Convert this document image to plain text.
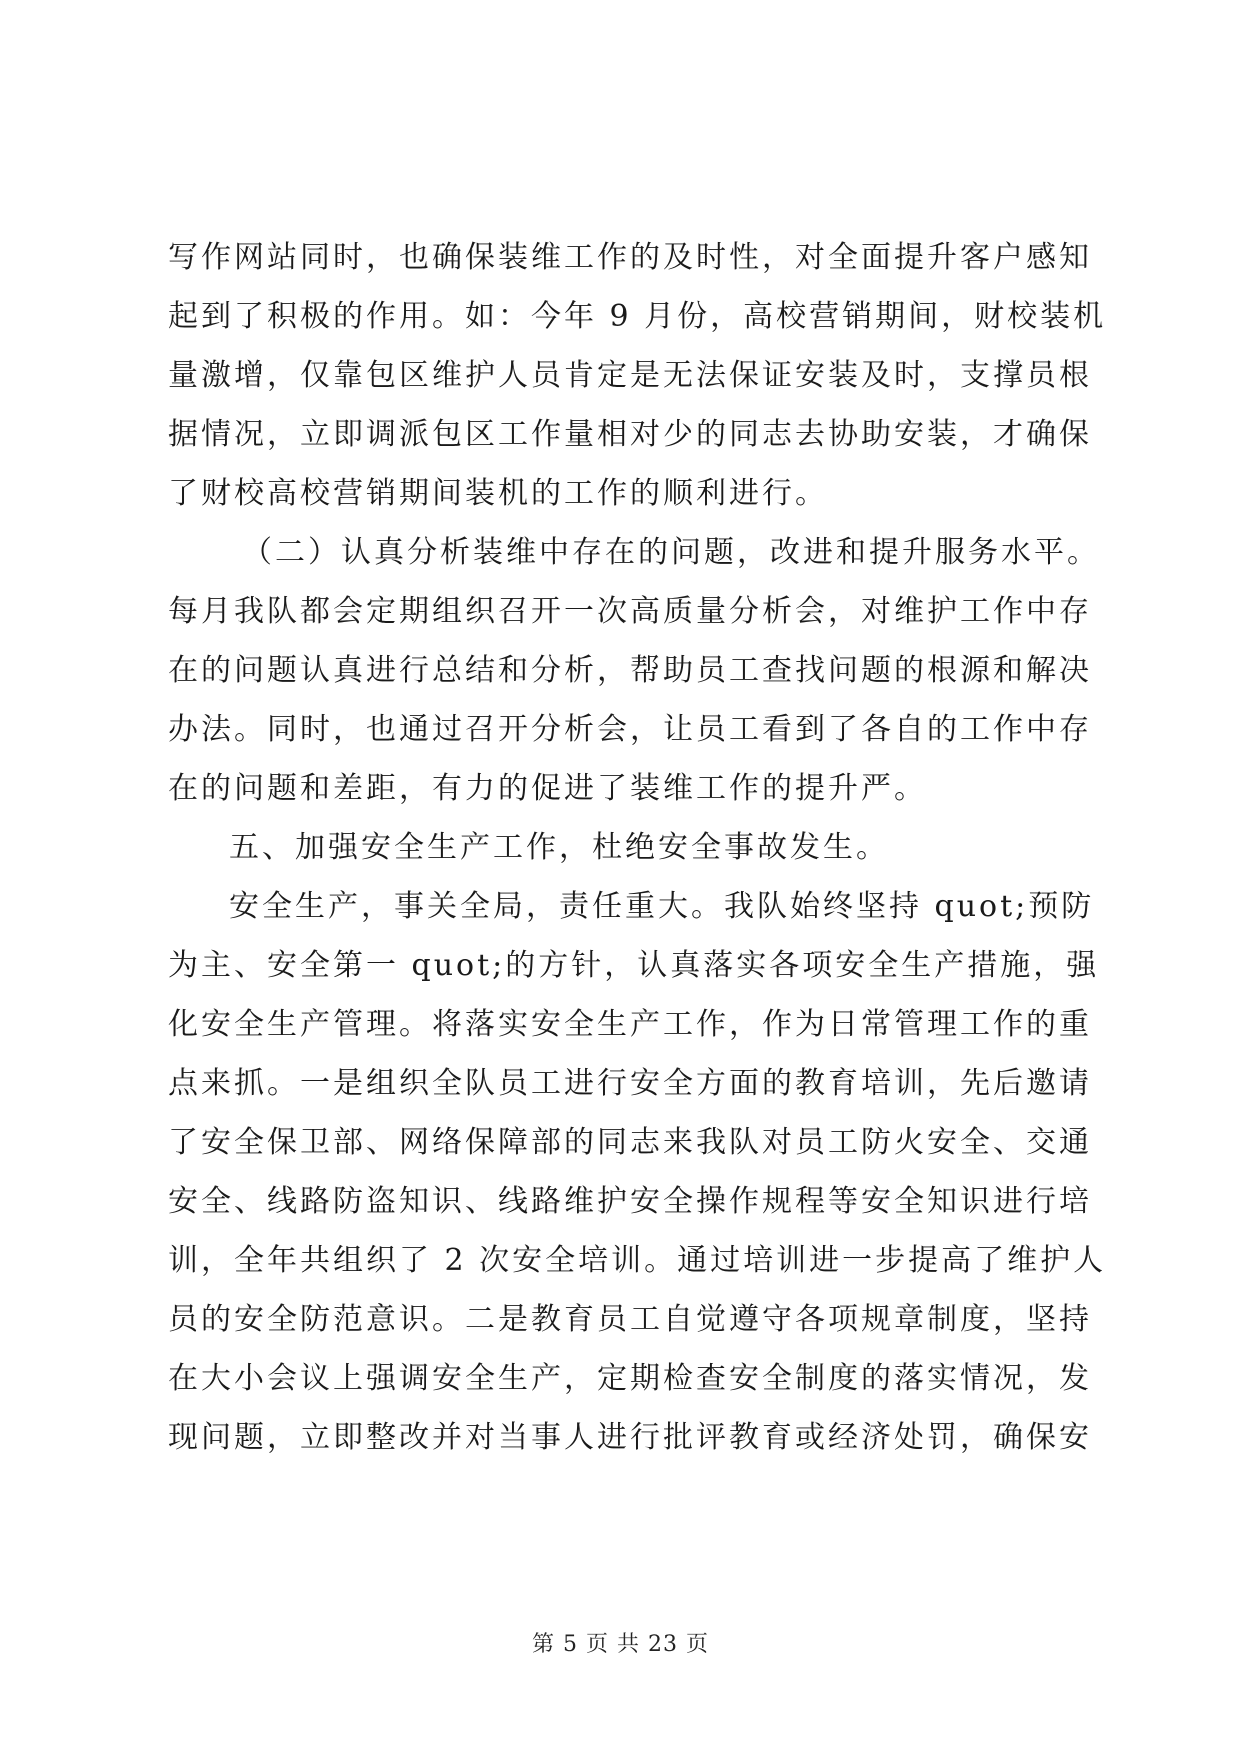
写作网站同时，也确保装维工作的及时性，对全面提升客户感知
起到了积极的作用。如：今年 9 月份，高校营销期间，财校装机
量激增，仅靠包区维护人员肯定是无法保证安装及时，支撑员根
据情况，立即调派包区工作量相对少的同志去协助安装，才确保
了财校高校营销期间装机的工作的顺利进行。
（二）认真分析装维中存在的问题，改进和提升服务水平。
每月我队都会定期组织召开一次高质量分析会，对维护工作中存
在的问题认真进行总结和分析，帮助员工查找问题的根源和解决
办法。同时，也通过召开分析会，让员工看到了各自的工作中存
在的问题和差距，有力的促进了装维工作的提升严。
五、加强安全生产工作，杜绝安全事故发生。
安全生产，事关全局，责任重大。我队始终坚持 quot;预防
为主、安全第一 quot;的方针，认真落实各项安全生产措施，强
化安全生产管理。将落实安全生产工作，作为日常管理工作的重
点来抓。一是组织全队员工进行安全方面的教育培训，先后邀请
了安全保卫部、网络保障部的同志来我队对员工防火安全、交通
安全、线路防盗知识、线路维护安全操作规程等安全知识进行培
训，全年共组织了 2 次安全培训。通过培训进一步提高了维护人
员的安全防范意识。二是教育员工自觉遵守各项规章制度，坚持
在大小会议上强调安全生产，定期检查安全制度的落实情况，发
现问题，立即整改并对当事人进行批评教育或经济处罚，确保安
第 5 页 共 23 页
